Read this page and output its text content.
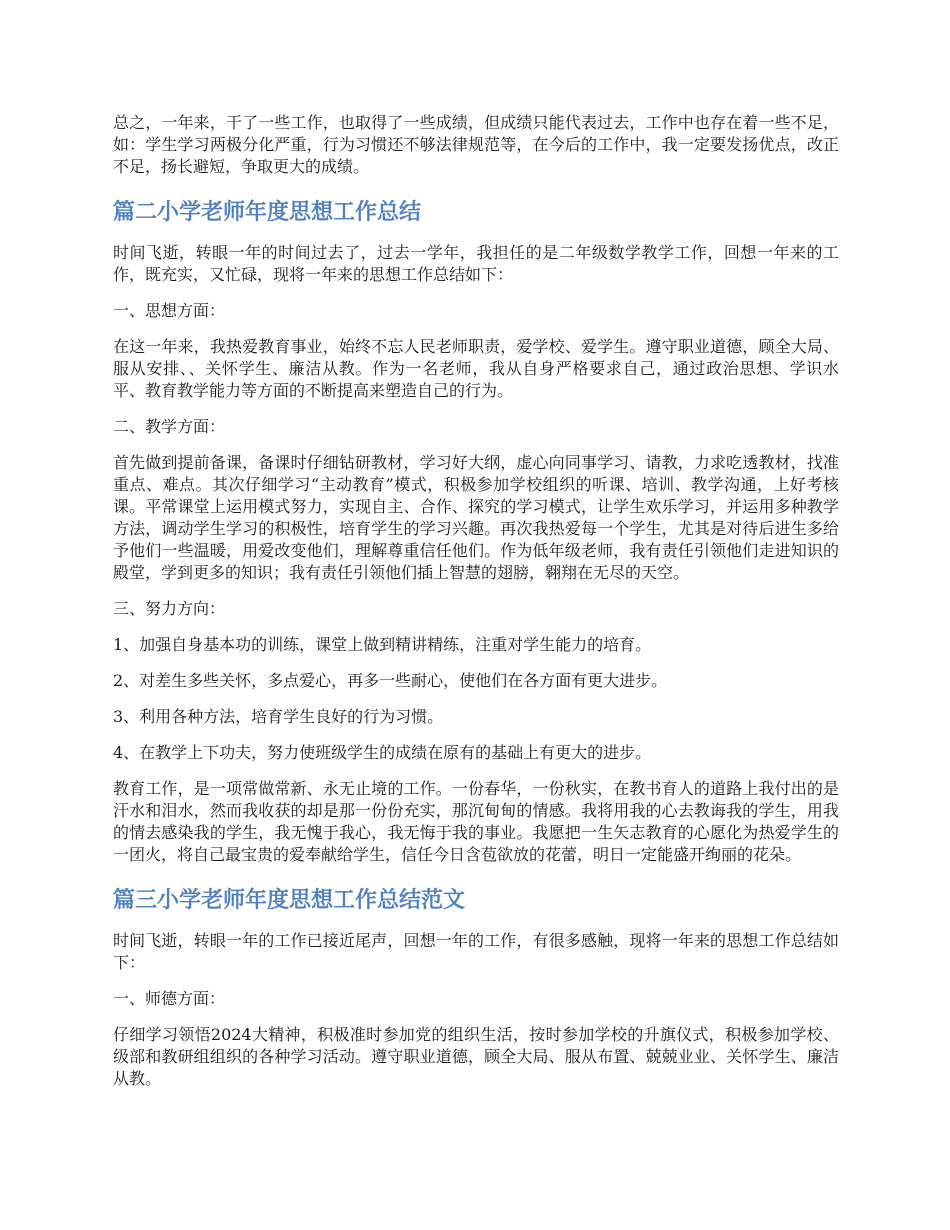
总之，一年来，干了一些工作，也取得了一些成绩，但成绩只能代表过去，工作中也存在着一些不足，如：学生学习两极分化严重，行为习惯还不够法律规范等，在今后的工作中，我一定要发扬优点，改正不足，扬长避短，争取更大的成绩。

篇二小学老师年度思想工作总结

时间飞逝，转眼一年的时间过去了，过去一学年，我担任的是二年级数学教学工作，回想一年来的工作，既充实，又忙碌，现将一年来的思想工作总结如下：

一、思想方面：

在这一年来，我热爱教育事业，始终不忘人民老师职责，爱学校、爱学生。遵守职业道德，顾全大局、服从安排、、关怀学生、廉洁从教。作为一名老师，我从自身严格要求自己，通过政治思想、学识水平、教育教学能力等方面的不断提高来塑造自己的行为。

二、教学方面：

首先做到提前备课，备课时仔细钻研教材，学习好大纲，虚心向同事学习、请教，力求吃透教材，找准重点、难点。其次仔细学习“主动教育”模式，积极参加学校组织的听课、培训、教学沟通，上好考核课。平常课堂上运用模式努力，实现自主、合作、探究的学习模式，让学生欢乐学习，并运用多种教学方法，调动学生学习的积极性，培育学生的学习兴趣。再次我热爱每一个学生，尤其是对待后进生多给予他们一些温暖，用爱改变他们，理解尊重信任他们。作为低年级老师，我有责任引领他们走进知识的殿堂，学到更多的知识；我有责任引领他们插上智慧的翅膀，翱翔在无尽的天空。

三、努力方向：

1、加强自身基本功的训练，课堂上做到精讲精练，注重对学生能力的培育。

2、对差生多些关怀，多点爱心，再多一些耐心，使他们在各方面有更大进步。

3、利用各种方法，培育学生良好的行为习惯。

4、在教学上下功夫，努力使班级学生的成绩在原有的基础上有更大的进步。

教育工作，是一项常做常新、永无止境的工作。一份春华，一份秋实，在教书育人的道路上我付出的是汗水和泪水，然而我收获的却是那一份份充实，那沉甸甸的情感。我将用我的心去教诲我的学生，用我的情去感染我的学生，我无愧于我心，我无悔于我的事业。我愿把一生矢志教育的心愿化为热爱学生的一团火，将自己最宝贵的爱奉献给学生，信任今日含苞欲放的花蕾，明日一定能盛开绚丽的花朵。

篇三小学老师年度思想工作总结范文

时间飞逝，转眼一年的工作已接近尾声，回想一年的工作，有很多感触，现将一年来的思想工作总结如下：

一、师德方面：

仔细学习领悟2024大精神，积极准时参加党的组织生活，按时参加学校的升旗仪式，积极参加学校、级部和教研组组织的各种学习活动。遵守职业道德，顾全大局、服从布置、兢兢业业、关怀学生、廉洁从教。
